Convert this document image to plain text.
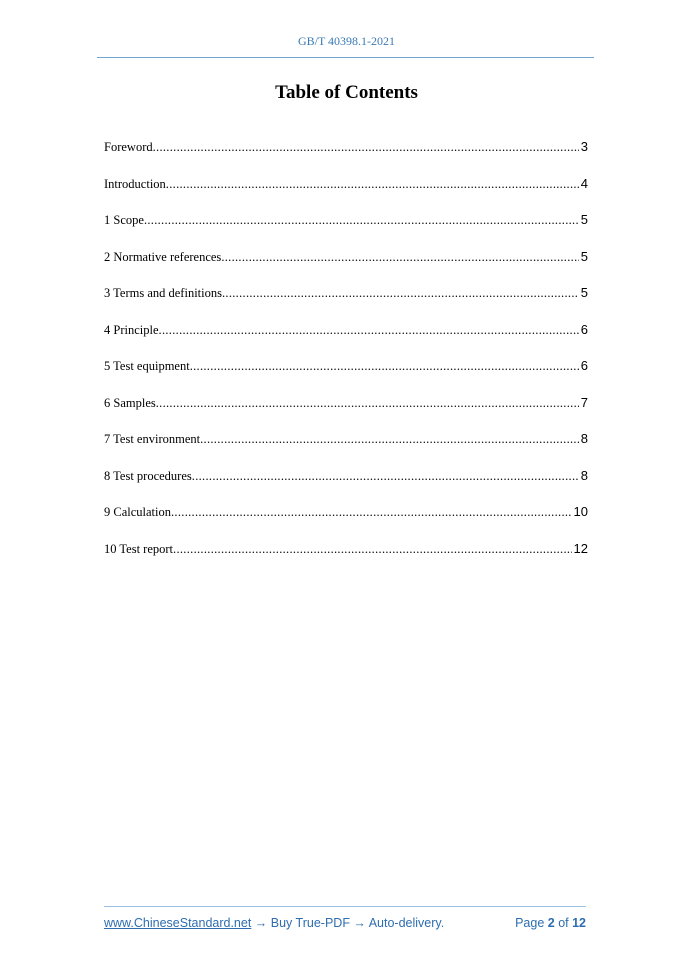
GB/T 40398.1-2021
Table of Contents
Foreword .....	3
Introduction .....	4
1 Scope .....	5
2 Normative references .....	5
3 Terms and definitions .....	5
4 Principle .....	6
5 Test equipment .....	6
6 Samples .....	7
7 Test environment .....	8
8 Test procedures .....	8
9 Calculation .....	10
10 Test report .....	12
www.ChineseStandard.net → Buy True-PDF → Auto-delivery.	Page 2 of 12
